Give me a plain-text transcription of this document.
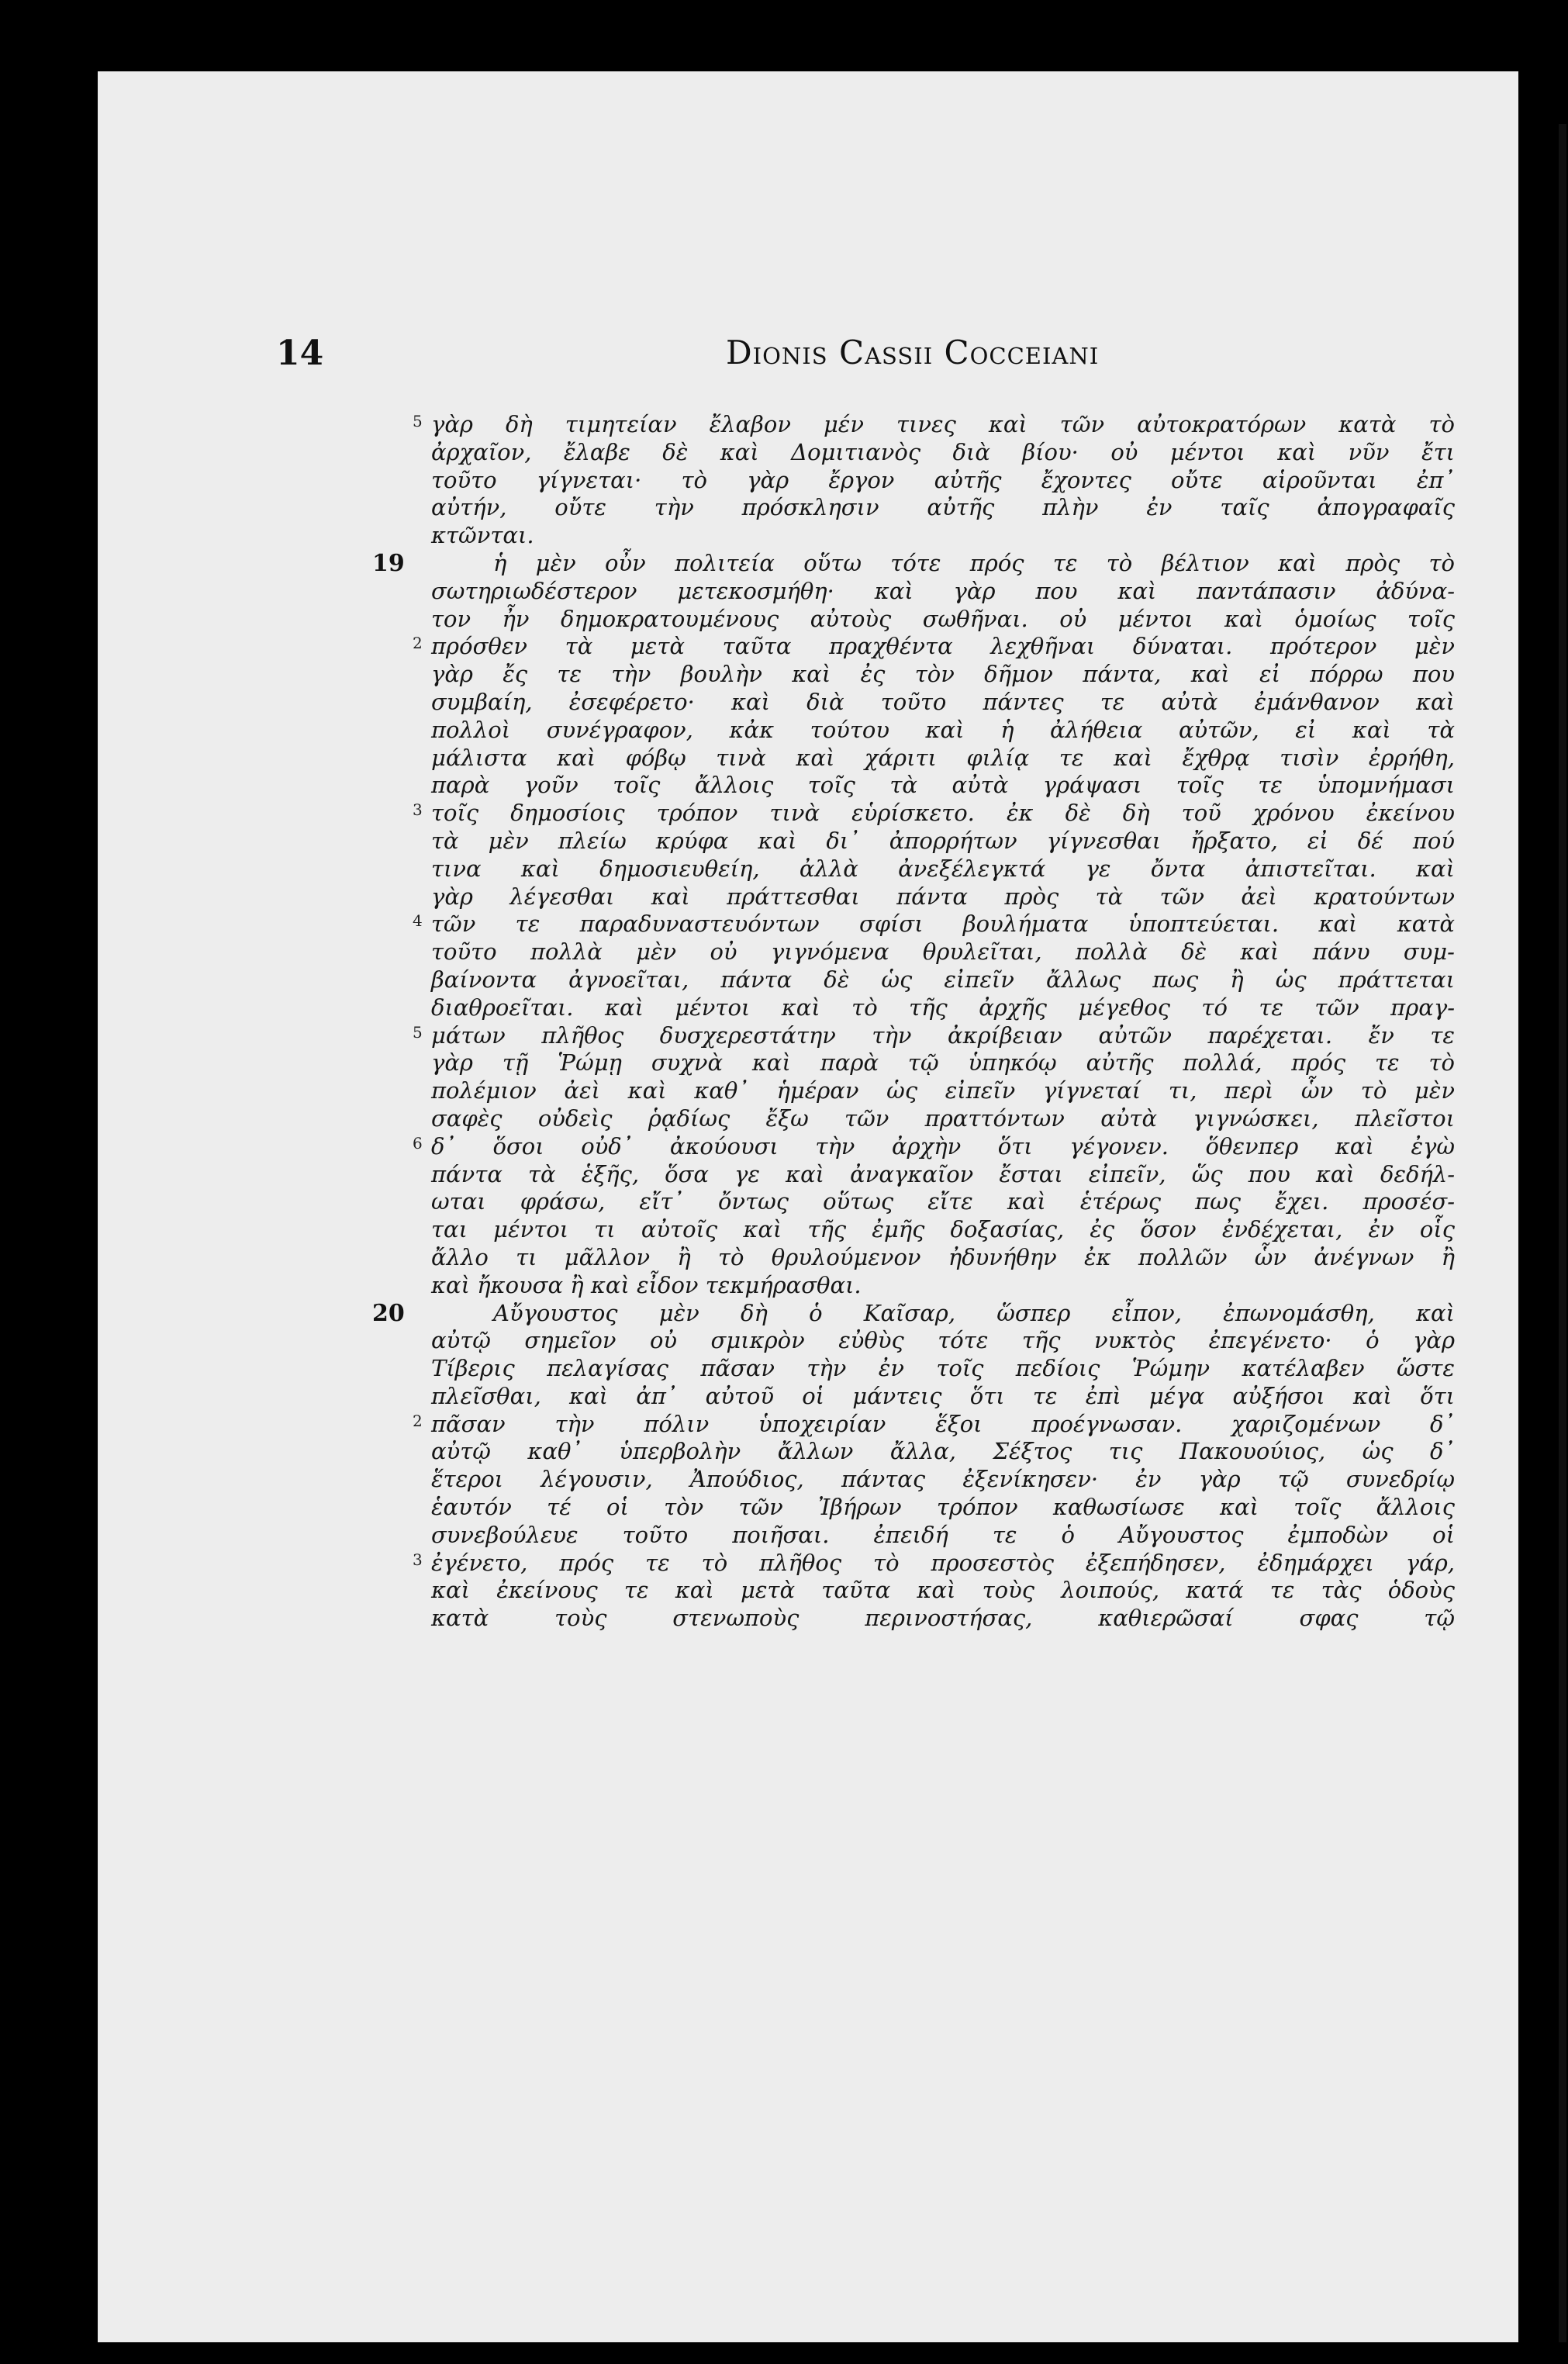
14	Dionis Cassii Cocceiani
5 γὰρ δὴ τιμητείαν ἔλαβον μέν τινες καὶ τῶν αὐτοκρατόρων κατὰ τὸ
ἀρχαῖον, ἔλαβε δὲ καὶ Δομιτιανὸς διὰ βίου· οὐ μέντοι καὶ νῦν ἔτι
τοῦτο γίγνεται· τὸ γὰρ ἔργον αὐτῆς ἔχοντες οὔτε αἱροῦνται ἐπ᾿
αὐτήν, οὔτε τὴν πρόσκλησιν αὐτῆς πλὴν ἐν ταῖς ἀπογραφαῖς
κτῶνται.
19	ἡ μὲν οὖν πολιτεία οὕτω τότε πρός τε τὸ βέλτιον καὶ πρὸς τὸ
σωτηριωδέστερον μετεκοσμήθη· καὶ γὰρ που καὶ παντάπασιν ἀδύνα-
τον ἦν δημοκρατουμένους αὐτοὺς σωθῆναι. οὐ μέντοι καὶ ὁμοίως τοῖς
2 πρόσθεν τὰ μετὰ ταῦτα πραχθέντα λεχθῆναι δύναται. πρότερον μὲν
γὰρ ἔς τε τὴν βουλὴν καὶ ἐς τὸν δῆμον πάντα, καὶ εἰ πόρρω που
συμβαίη, ἐσεφέρετο· καὶ διὰ τοῦτο πάντες τε αὐτὰ ἐμάνθανον καὶ
πολλοὶ συνέγραφον, κἀκ τούτου καὶ ἡ ἀλήθεια αὐτῶν, εἰ καὶ τὰ
μάλιστα καὶ φόβῳ τινὰ καὶ χάριτι φιλίᾳ τε καὶ ἔχθρᾳ τισὶν ἐρρήθη,
παρὰ γοῦν τοῖς ἄλλοις τοῖς τὰ αὐτὰ γράψασι τοῖς τε ὑπομνήμασι
3 τοῖς δημοσίοις τρόπον τινὰ εὑρίσκετο. ἐκ δὲ δὴ τοῦ χρόνου ἐκείνου
τὰ μὲν πλείω κρύφα καὶ δι᾿ ἀπορρήτων γίγνεσθαι ἤρξατο, εἰ δέ πού
τινα καὶ δημοσιευθείη, ἀλλὰ ἀνεξέλεγκτά γε ὄντα ἀπιστεῖται. καὶ
γὰρ λέγεσθαι καὶ πράττεσθαι πάντα πρὸς τὰ τῶν ἀεὶ κρατούντων
4 τῶν τε παραδυναστευόντων σφίσι βουλήματα ὑποπτεύεται. καὶ κατὰ
τοῦτο πολλὰ μὲν οὐ γιγνόμενα θρυλεῖται, πολλὰ δὲ καὶ πάνυ συμ-
βαίνοντα ἀγνοεῖται, πάντα δὲ ὡς εἰπεῖν ἄλλως πως ἢ ὡς πράττεται
διαθροεῖται. καὶ μέντοι καὶ τὸ τῆς ἀρχῆς μέγεθος τό τε τῶν πραγ-
5 μάτων πλῆθος δυσχερεστάτην τὴν ἀκρίβειαν αὐτῶν παρέχεται. ἔν τε
γὰρ τῇ Ῥώμῃ συχνὰ καὶ παρὰ τῷ ὑπηκόῳ αὐτῆς πολλά, πρός τε τὸ
πολέμιον ἀεὶ καὶ καθ᾿ ἡμέραν ὡς εἰπεῖν γίγνεταί τι, περὶ ὧν τὸ μὲν
σαφὲς οὐδεὶς ῥᾳδίως ἔξω τῶν πραττόντων αὐτὰ γιγνώσκει, πλεῖστοι
6 δ᾿ ὅσοι οὐδ᾿ ἀκούουσι τὴν ἀρχὴν ὅτι γέγονεν. ὅθενπερ καὶ ἐγὼ
πάντα τὰ ἑξῆς, ὅσα γε καὶ ἀναγκαῖον ἔσται εἰπεῖν, ὥς που καὶ δεδήλ-
ωται φράσω, εἴτ᾿ ὄντως οὕτως εἴτε καὶ ἑτέρως πως ἔχει. προσέσ-
ται μέντοι τι αὐτοῖς καὶ τῆς ἐμῆς δοξασίας, ἐς ὅσον ἐνδέχεται, ἐν οἷς
ἄλλο τι μᾶλλον ἢ τὸ θρυλούμενον ἠδυνήθην ἐκ πολλῶν ὧν ἀνέγνων ἢ
καὶ ἤκουσα ἢ καὶ εἶδον τεκμήρασθαι.
20	Αὔγουστος μὲν δὴ ὁ Καῖσαρ, ὥσπερ εἶπον, ἐπωνομάσθη, καὶ
αὐτῷ σημεῖον οὐ σμικρὸν εὐθὺς τότε τῆς νυκτὸς ἐπεγένετο· ὁ γὰρ
Τίβερις πελαγίσας πᾶσαν τὴν ἐν τοῖς πεδίοις Ῥώμην κατέλαβεν ὥστε
πλεῖσθαι, καὶ ἀπ᾿ αὐτοῦ οἱ μάντεις ὅτι τε ἐπὶ μέγα αὐξήσοι καὶ ὅτι
2 πᾶσαν τὴν πόλιν ὑποχειρίαν ἕξοι προέγνωσαν. χαριζομένων δ᾿
αὐτῷ καθ᾿ ὑπερβολὴν ἄλλων ἄλλα, Σέξτος τις Πακουούιος, ὡς δ᾿
ἕτεροι λέγουσιν, Ἀπούδιος, πάντας ἐξενίκησεν· ἐν γὰρ τῷ συνεδρίῳ
ἑαυτόν τέ οἱ τὸν τῶν Ἰβήρων τρόπον καθωσίωσε καὶ τοῖς ἄλλοις
συνεβούλευε τοῦτο ποιῆσαι. ἐπειδή τε ὁ Αὔγουστος ἐμποδὼν οἱ
3 ἐγένετο, πρός τε τὸ πλῆθος τὸ προσεστὸς ἐξεπήδησεν, ἐδημάρχει γάρ,
καὶ ἐκείνους τε καὶ μετὰ ταῦτα καὶ τοὺς λοιπούς, κατά τε τὰς ὁδοὺς
κατὰ τοὺς στενωποὺς περινοστήσας, καθιερῶσαί σφας τῷ
